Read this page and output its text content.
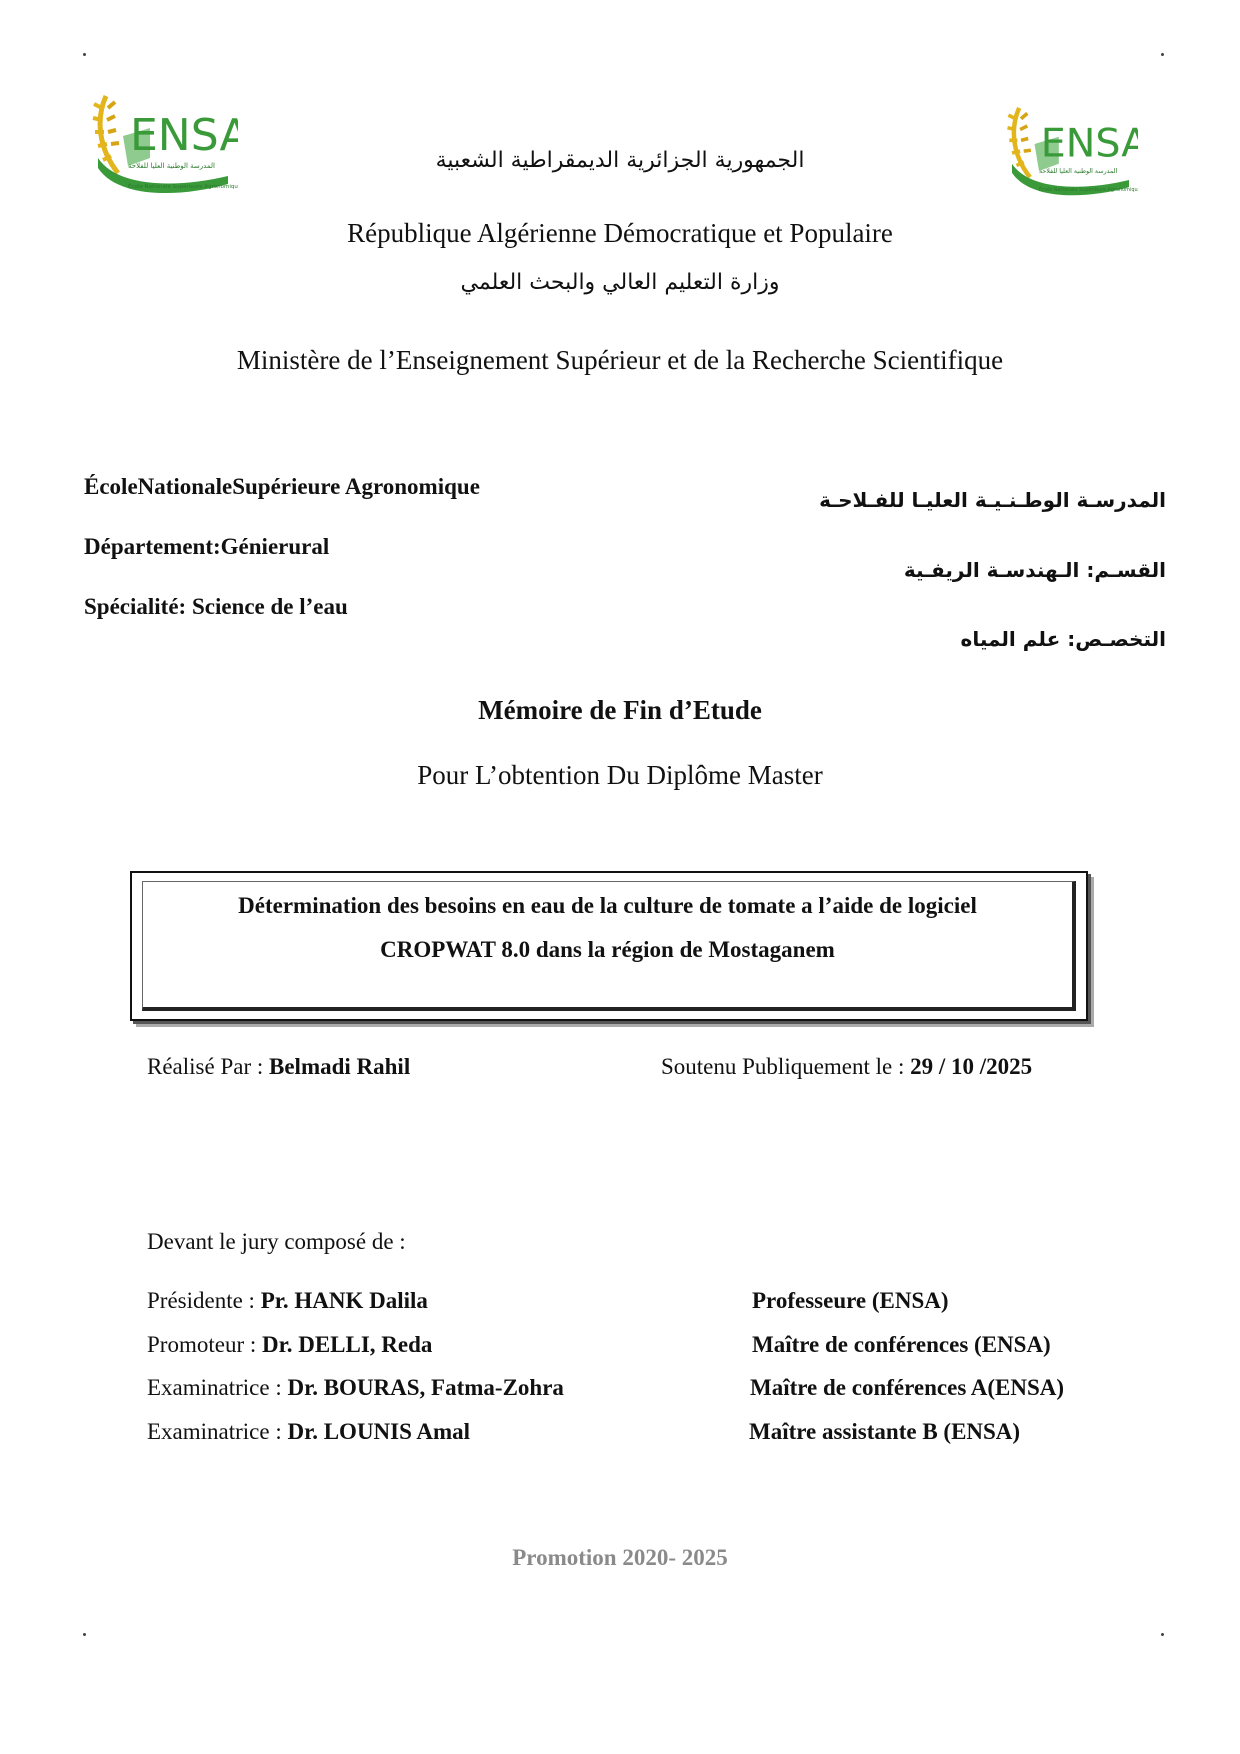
ENSA
المدرسة الوطنية العليا للفلاحة
École Nationale Supérieure Agronomique
ENSA
المدرسة الوطنية العليا للفلاحة
École Nationale Supérieure Agronomique
الجمهورية الجزائرية الديمقراطية الشعبية
République Algérienne Démocratique et Populaire
وزارة التعليم العالي والبحث العلمي
Ministère de l’Enseignement Supérieur et de la Recherche Scientifique
ÉcoleNationaleSupérieure Agronomique
Département:Génierural
Spécialité: Science de l’eau
المدرسـة الوطـنـيـة العليـا للفـلاحـة
القسـم: الـهندسـة الريفـية
التخصـص: علم المياه
Mémoire de Fin d’Etude
Pour L’obtention Du Diplôme Master
Détermination des besoins en eau de la culture de tomate a l’aide de logiciel
CROPWAT 8.0 dans la région de Mostaganem
Réalisé Par : Belmadi Rahil	Soutenu Publiquement le : 29 / 10 /2025
Devant le jury composé de :
Présidente : Pr. HANK Dalila	Professeure (ENSA)
Promoteur : Dr. DELLI, Reda	Maître de conférences (ENSA)
Examinatrice : Dr. BOURAS, Fatma-Zohra	Maître de conférences A(ENSA)
Examinatrice : Dr. LOUNIS Amal	Maître assistante B (ENSA)
Promotion 2020- 2025
